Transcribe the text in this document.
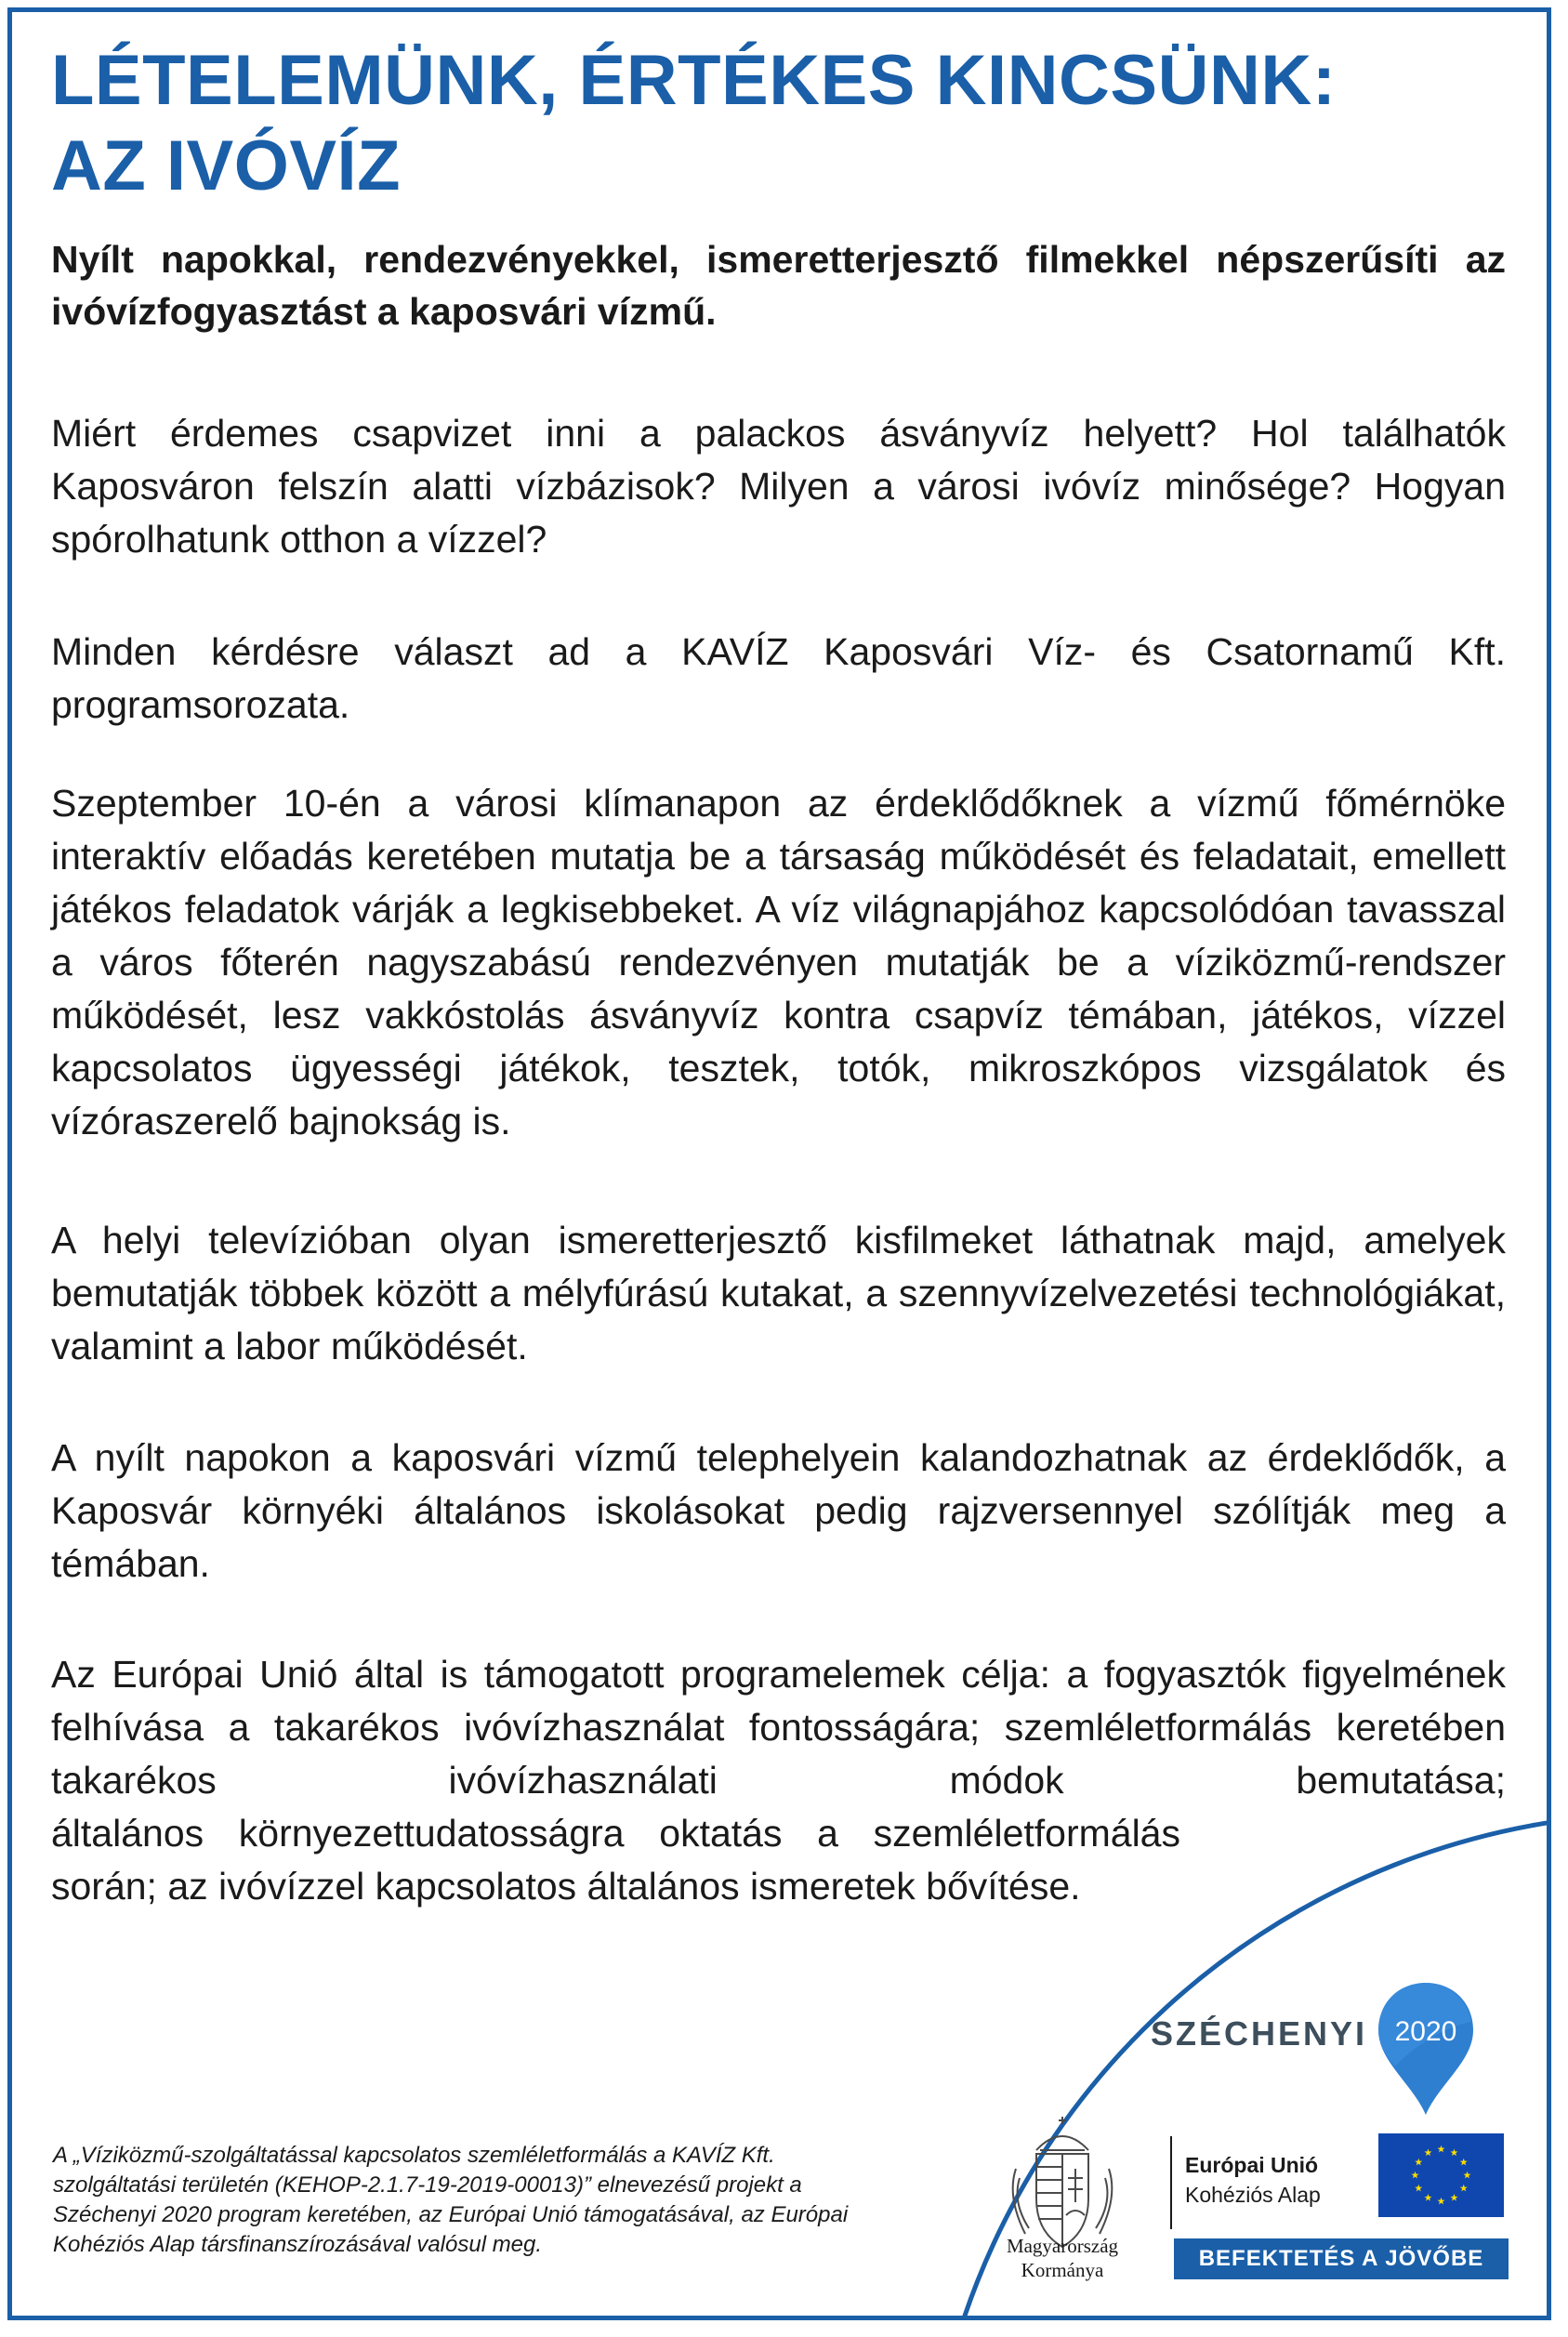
LÉTELEMÜNK, ÉRTÉKES KINCSÜNK:
AZ IVÓVÍZ

Nyílt napokkal, rendezvényekkel, ismeretterjesztő filmekkel népszerűsíti az ivóvízfogyasztást a kaposvári vízmű.

Miért érdemes csapvizet inni a palackos ásványvíz helyett? Hol találhatók Kaposváron felszín alatti vízbázisok? Milyen a városi ivóvíz minősége? Hogyan spórolhatunk otthon a vízzel?

Minden kérdésre választ ad a KAVÍZ Kaposvári Víz- és Csatornamű Kft. programsorozata.

Szeptember 10-én a városi klímanapon az érdeklődőknek a vízmű főmérnöke interaktív előadás keretében mutatja be a társaság működését és feladatait, emellett játékos feladatok várják a legkisebbeket. A víz világnapjához kapcsolódóan tavasszal a város főterén nagyszabású rendezvényen mutatják be a víziközmű-rendszer működését, lesz vakkóstolás ásványvíz kontra csapvíz témában, játékos, vízzel kapcsolatos ügyességi játékok, tesztek, totók, mikroszkópos vizsgálatok és vízóraszerelő bajnokság is.

A helyi televízióban olyan ismeretterjesztő kisfilmeket láthatnak majd, amelyek bemutatják többek között a mélyfúrású kutakat, a szennyvízelvezetési technológiákat, valamint a labor működését.

A nyílt napokon a kaposvári vízmű telephelyein kalandozhatnak az érdeklődők, a Kaposvár környéki általános iskolásokat pedig rajzversennyel szólítják meg a témában.

Az Európai Unió által is támogatott programelemek célja: a fogyasztók figyelmének felhívása a takarékos ivóvízhasználat fontosságára; szemléletformálás keretében takarékos ivóvízhasználati módok bemutatása;
általános környezettudatosságra oktatás a szemléletformálás során; az ivóvízzel kapcsolatos általános ismeretek bővítése.

SZÉCHENYI 2020

A „Víziközmű-szolgáltatással kapcsolatos szemléletformálás a KAVÍZ Kft. szolgáltatási területén (KEHOP-2.1.7-19-2019-00013)” elnevezésű projekt a Széchenyi 2020 program keretében, az Európai Unió támogatásával, az Európai Kohéziós Alap társfinanszírozásával valósul meg.	Magyarország
Kormánya
Európai Unió
Kohéziós Alap
BEFEKTETÉS A JÖVŐBE
